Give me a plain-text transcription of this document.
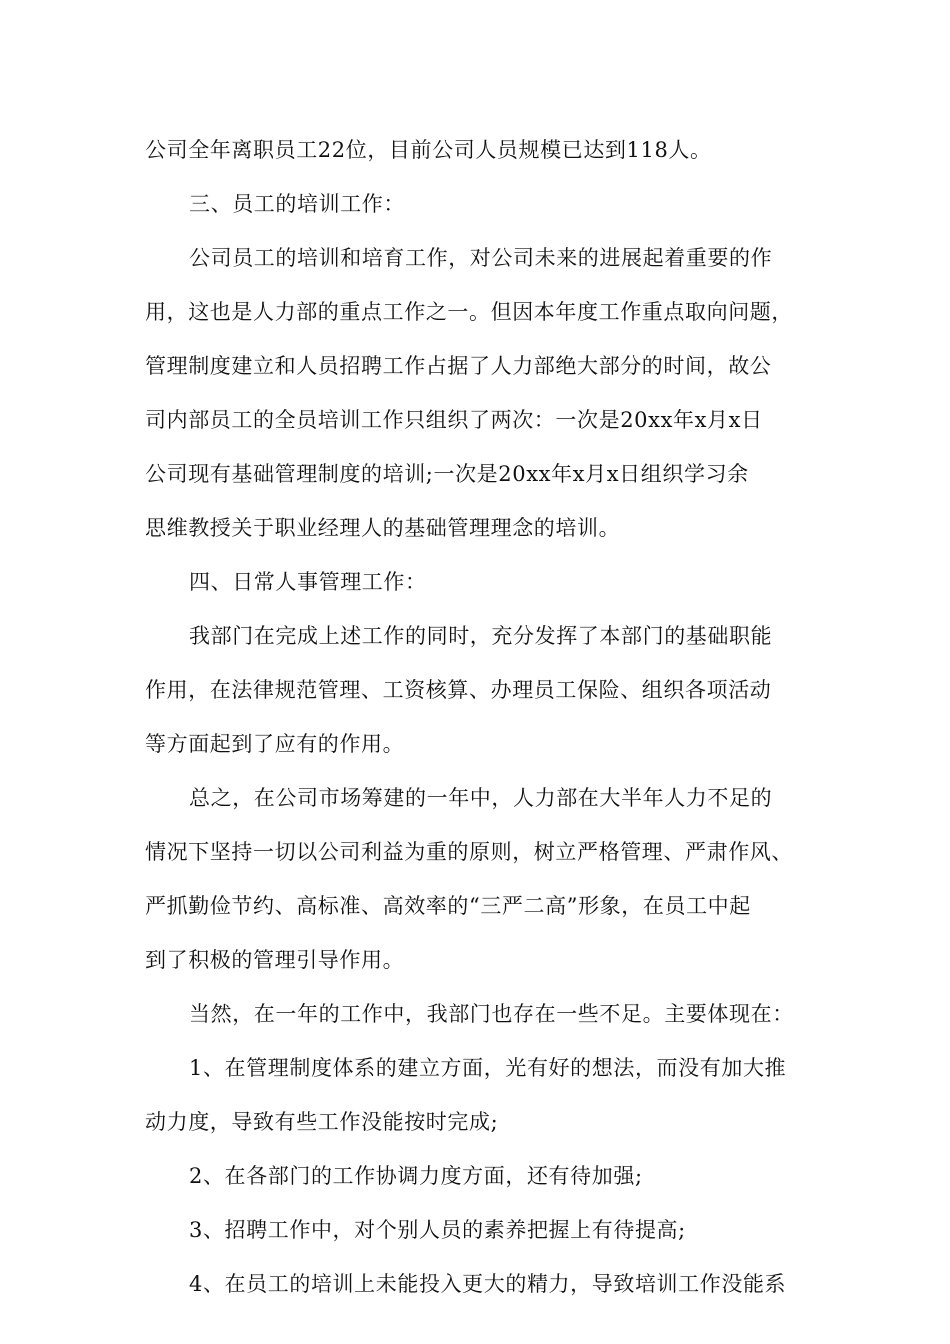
公司全年离职员工22位，目前公司人员规模已达到118人。
三、员工的培训工作：
公司员工的培训和培育工作，对公司未来的进展起着重要的作
用，这也是人力部的重点工作之一。但因本年度工作重点取向问题，
管理制度建立和人员招聘工作占据了人力部绝大部分的时间，故公
司内部员工的全员培训工作只组织了两次：一次是20xx年x月x日
公司现有基础管理制度的培训;一次是20xx年x月x日组织学习余
思维教授关于职业经理人的基础管理理念的培训。
四、日常人事管理工作：
我部门在完成上述工作的同时，充分发挥了本部门的基础职能
作用，在法律规范管理、工资核算、办理员工保险、组织各项活动
等方面起到了应有的作用。
总之，在公司市场筹建的一年中，人力部在大半年人力不足的
情况下坚持一切以公司利益为重的原则，树立严格管理、严肃作风、
严抓勤俭节约、高标准、高效率的“三严二高”形象，在员工中起
到了积极的管理引导作用。
当然，在一年的工作中，我部门也存在一些不足。主要体现在：
1、在管理制度体系的建立方面，光有好的想法，而没有加大推
动力度，导致有些工作没能按时完成;
2、在各部门的工作协调力度方面，还有待加强;
3、招聘工作中，对个别人员的素养把握上有待提高;
4、在员工的培训上未能投入更大的精力，导致培训工作没能系
